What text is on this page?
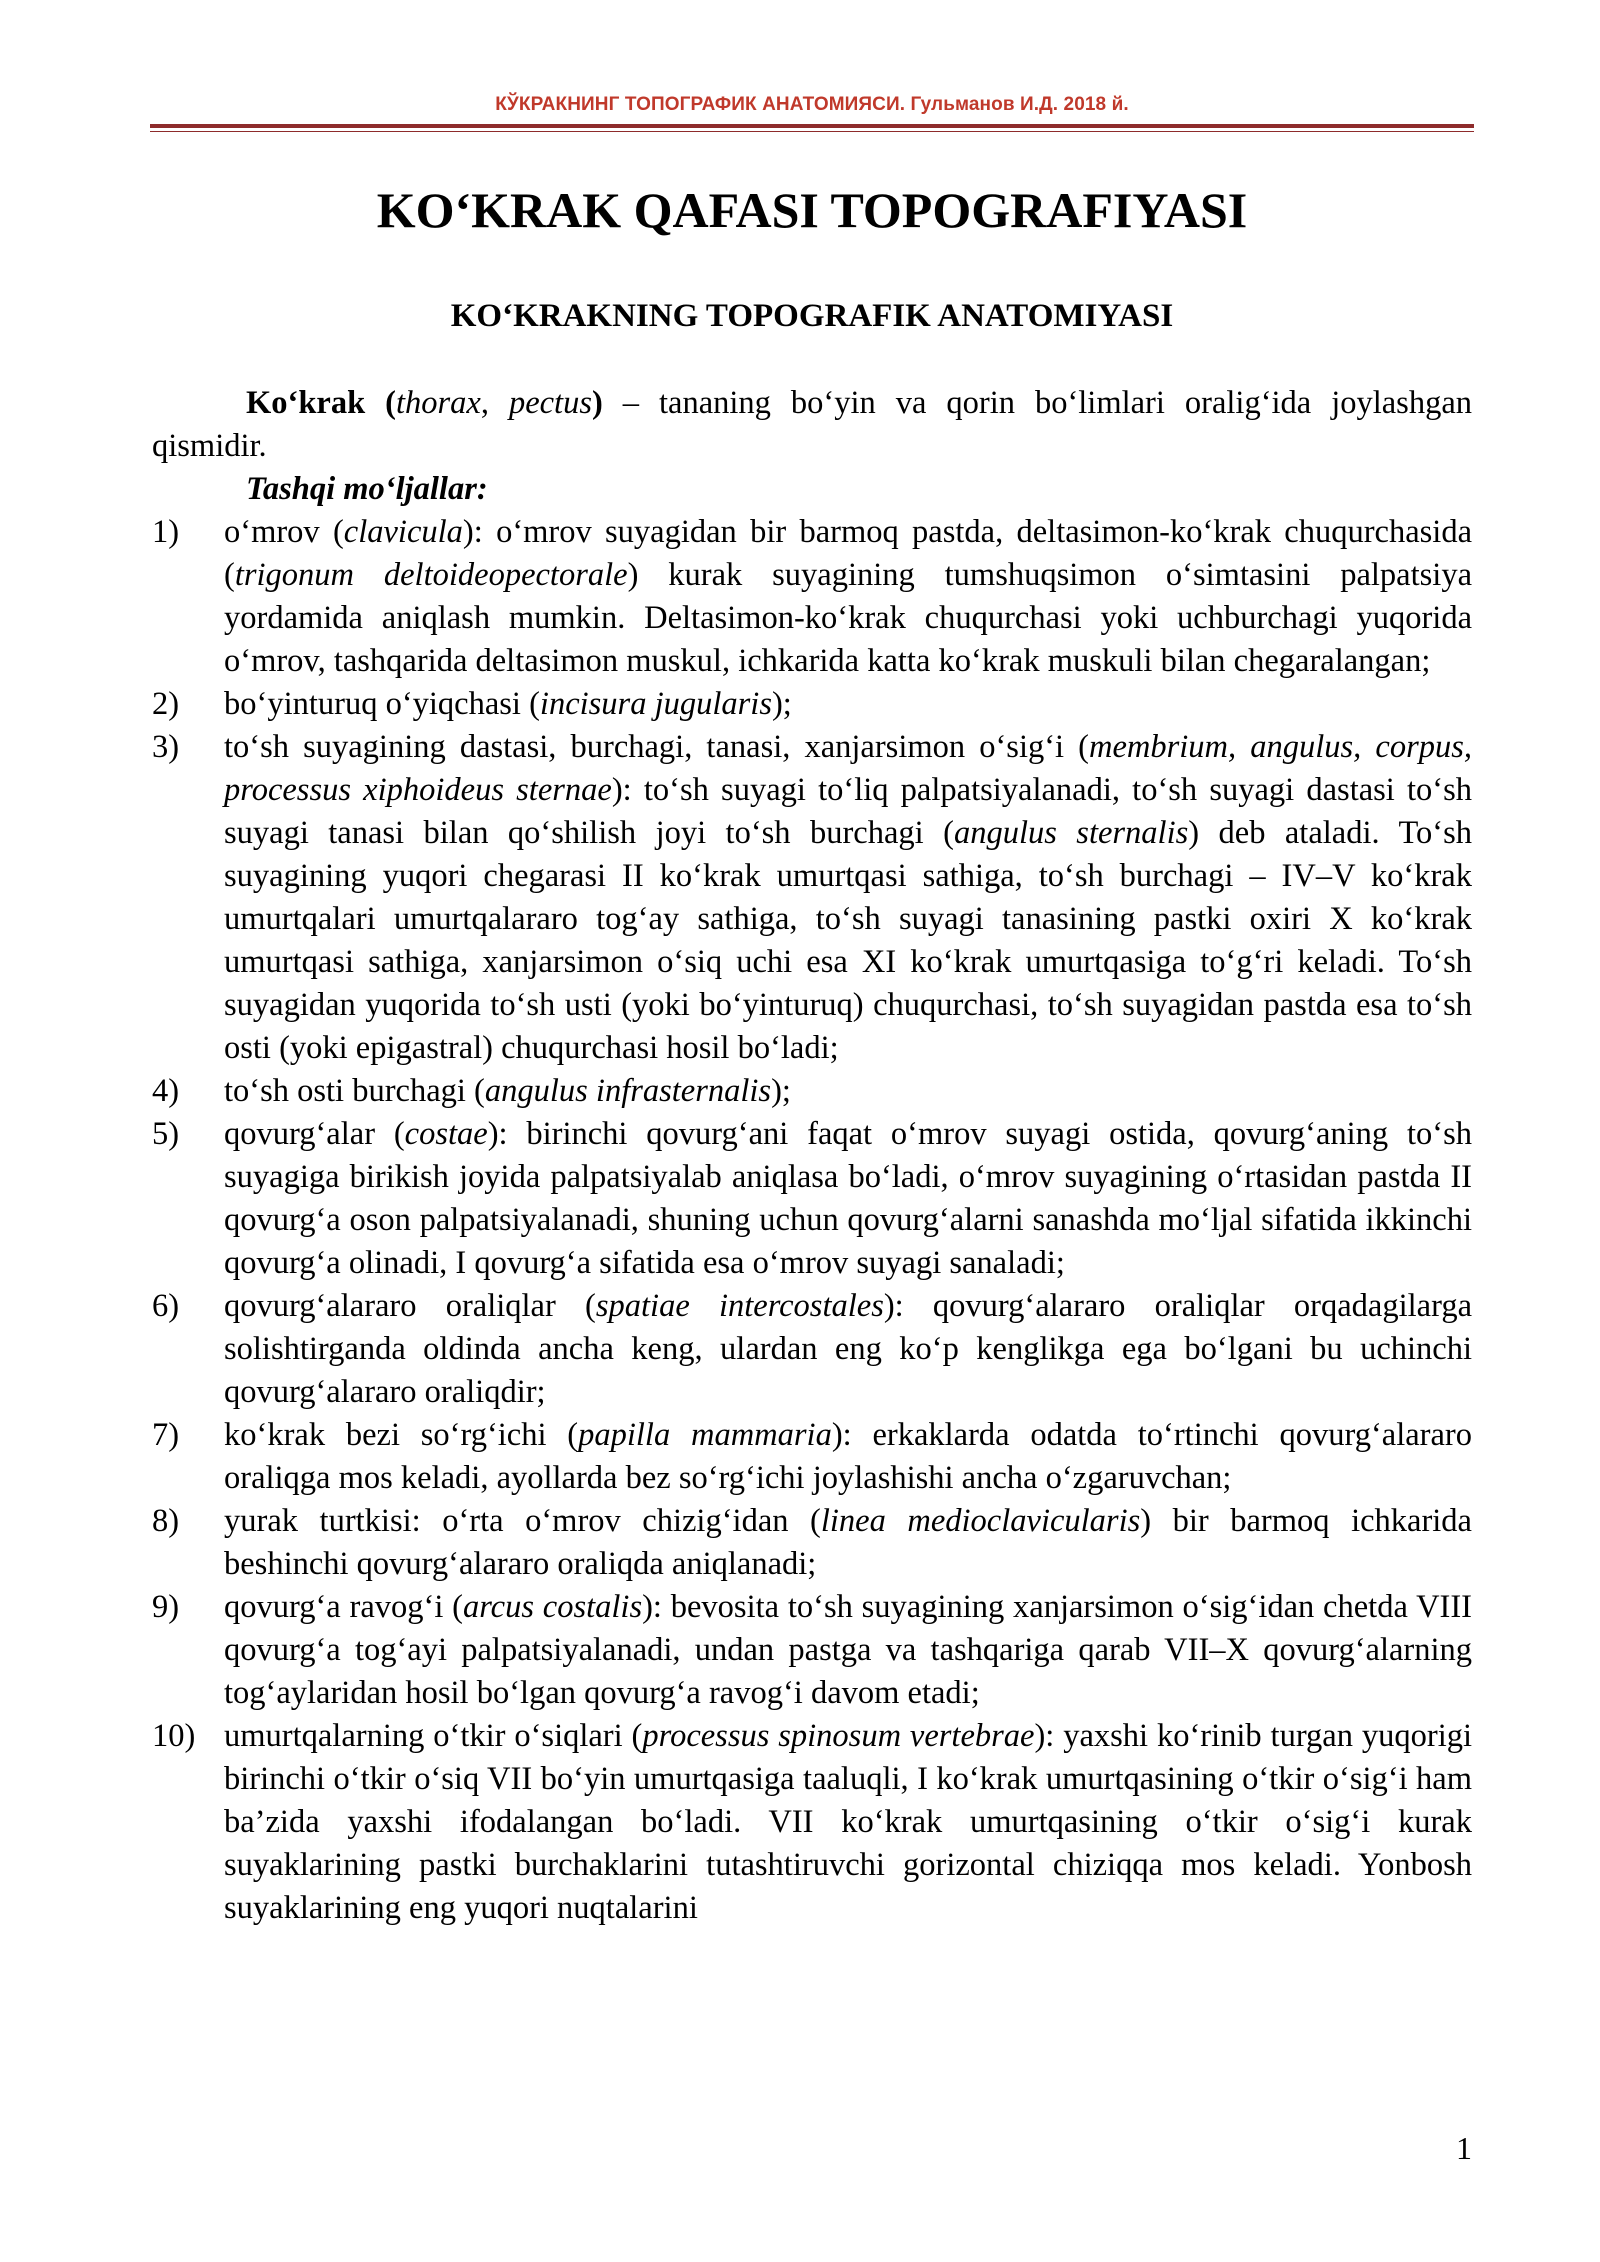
КЎКРАКНИНГ ТОПОГРАФИК АНАТОМИЯСИ. Гульманов И.Д. 2018 й.
KO‘KRAK QAFASI TOPOGRAFIYASI
KO‘KRAKNING TOPOGRAFIK ANATOMIYASI

Ko‘krak (thorax, pectus) – tananing bo‘yin va qorin bo‘limlari oralig‘ida joylashgan qismidir.

Tashqi mo‘ljallar:

1) o‘mrov (clavicula): o‘mrov suyagidan bir barmoq pastda, deltasimon-ko‘krak chuqurchasida (trigonum deltoideopectorale) kurak suyagining tumshuqsimon o‘simtasini palpatsiya yordamida aniqlash mumkin. Deltasimon-ko‘krak chuqurchasi yoki uchburchagi yuqorida o‘mrov, tashqarida deltasimon muskul, ichkarida katta ko‘krak muskuli bilan chegaralangan;
2) bo‘yinturuq o‘yiqchasi (incisura jugularis);
3) to‘sh suyagining dastasi, burchagi, tanasi, xanjarsimon o‘sig‘i (membrium, angulus, corpus, processus xiphoideus sternae): to‘sh suyagi to‘liq palpatsiyalanadi, to‘sh suyagi dastasi to‘sh suyagi tanasi bilan qo‘shilish joyi to‘sh burchagi (angulus sternalis) deb ataladi. To‘sh suyagining yuqori chegarasi II ko‘krak umurtqasi sathiga, to‘sh burchagi – IV–V ko‘krak umurtqalari umurtqalararo tog‘ay sathiga, to‘sh suyagi tanasining pastki oxiri X ko‘krak umurtqasi sathiga, xanjarsimon o‘siq uchi esa XI ko‘krak umurtqasiga to‘g‘ri keladi. To‘sh suyagidan yuqorida to‘sh usti (yoki bo‘yinturuq) chuqurchasi, to‘sh suyagidan pastda esa to‘sh osti (yoki epigastral) chuqurchasi hosil bo‘ladi;
4) to‘sh osti burchagi (angulus infrasternalis);
5) qovurg‘alar (costae): birinchi qovurg‘ani faqat o‘mrov suyagi ostida, qovurg‘aning to‘sh suyagiga birikish joyida palpatsiyalab aniqlasa bo‘ladi, o‘mrov suyagining o‘rtasidan pastda II qovurg‘a oson palpatsiyalanadi, shuning uchun qovurg‘alarni sanashda mo‘ljal sifatida ikkinchi qovurg‘a olinadi, I qovurg‘a sifatida esa o‘mrov suyagi sanaladi;
6) qovurg‘alararo oraliqlar (spatiae intercostales): qovurg‘alararo oraliqlar orqadagilarga solishtirganda oldinda ancha keng, ulardan eng ko‘p kenglikga ega bo‘lgani bu uchinchi qovurg‘alararo oraliqdir;
7) ko‘krak bezi so‘rg‘ichi (papilla mammaria): erkaklarda odatda to‘rtinchi qovurg‘alararo oraliqga mos keladi, ayollarda bez so‘rg‘ichi joylashishi ancha o‘zgaruvchan;
8) yurak turtkisi: o‘rta o‘mrov chizig‘idan (linea medioclavicularis) bir barmoq ichkarida beshinchi qovurg‘alararo oraliqda aniqlanadi;
9) qovurg‘a ravog‘i (arcus costalis): bevosita to‘sh suyagining xanjarsimon o‘sig‘idan chetda VIII qovurg‘a tog‘ayi palpatsiyalanadi, undan pastga va tashqariga qarab VII–X qovurg‘alarning tog‘aylaridan hosil bo‘lgan qovurg‘a ravog‘i davom etadi;
10) umurtqalarning o‘tkir o‘siqlari (processus spinosum vertebrae): yaxshi ko‘rinib turgan yuqorigi birinchi o‘tkir o‘siq VII bo‘yin umurtqasiga taaluqli, I ko‘krak umurtqasining o‘tkir o‘sig‘i ham ba’zida yaxshi ifodalangan bo‘ladi. VII ko‘krak umurtqasining o‘tkir o‘sig‘i kurak suyaklarining pastki burchaklarini tutashtiruvchi gorizontal chiziqqa mos keladi. Yonbosh suyaklarining eng yuqori nuqtalarini
1
